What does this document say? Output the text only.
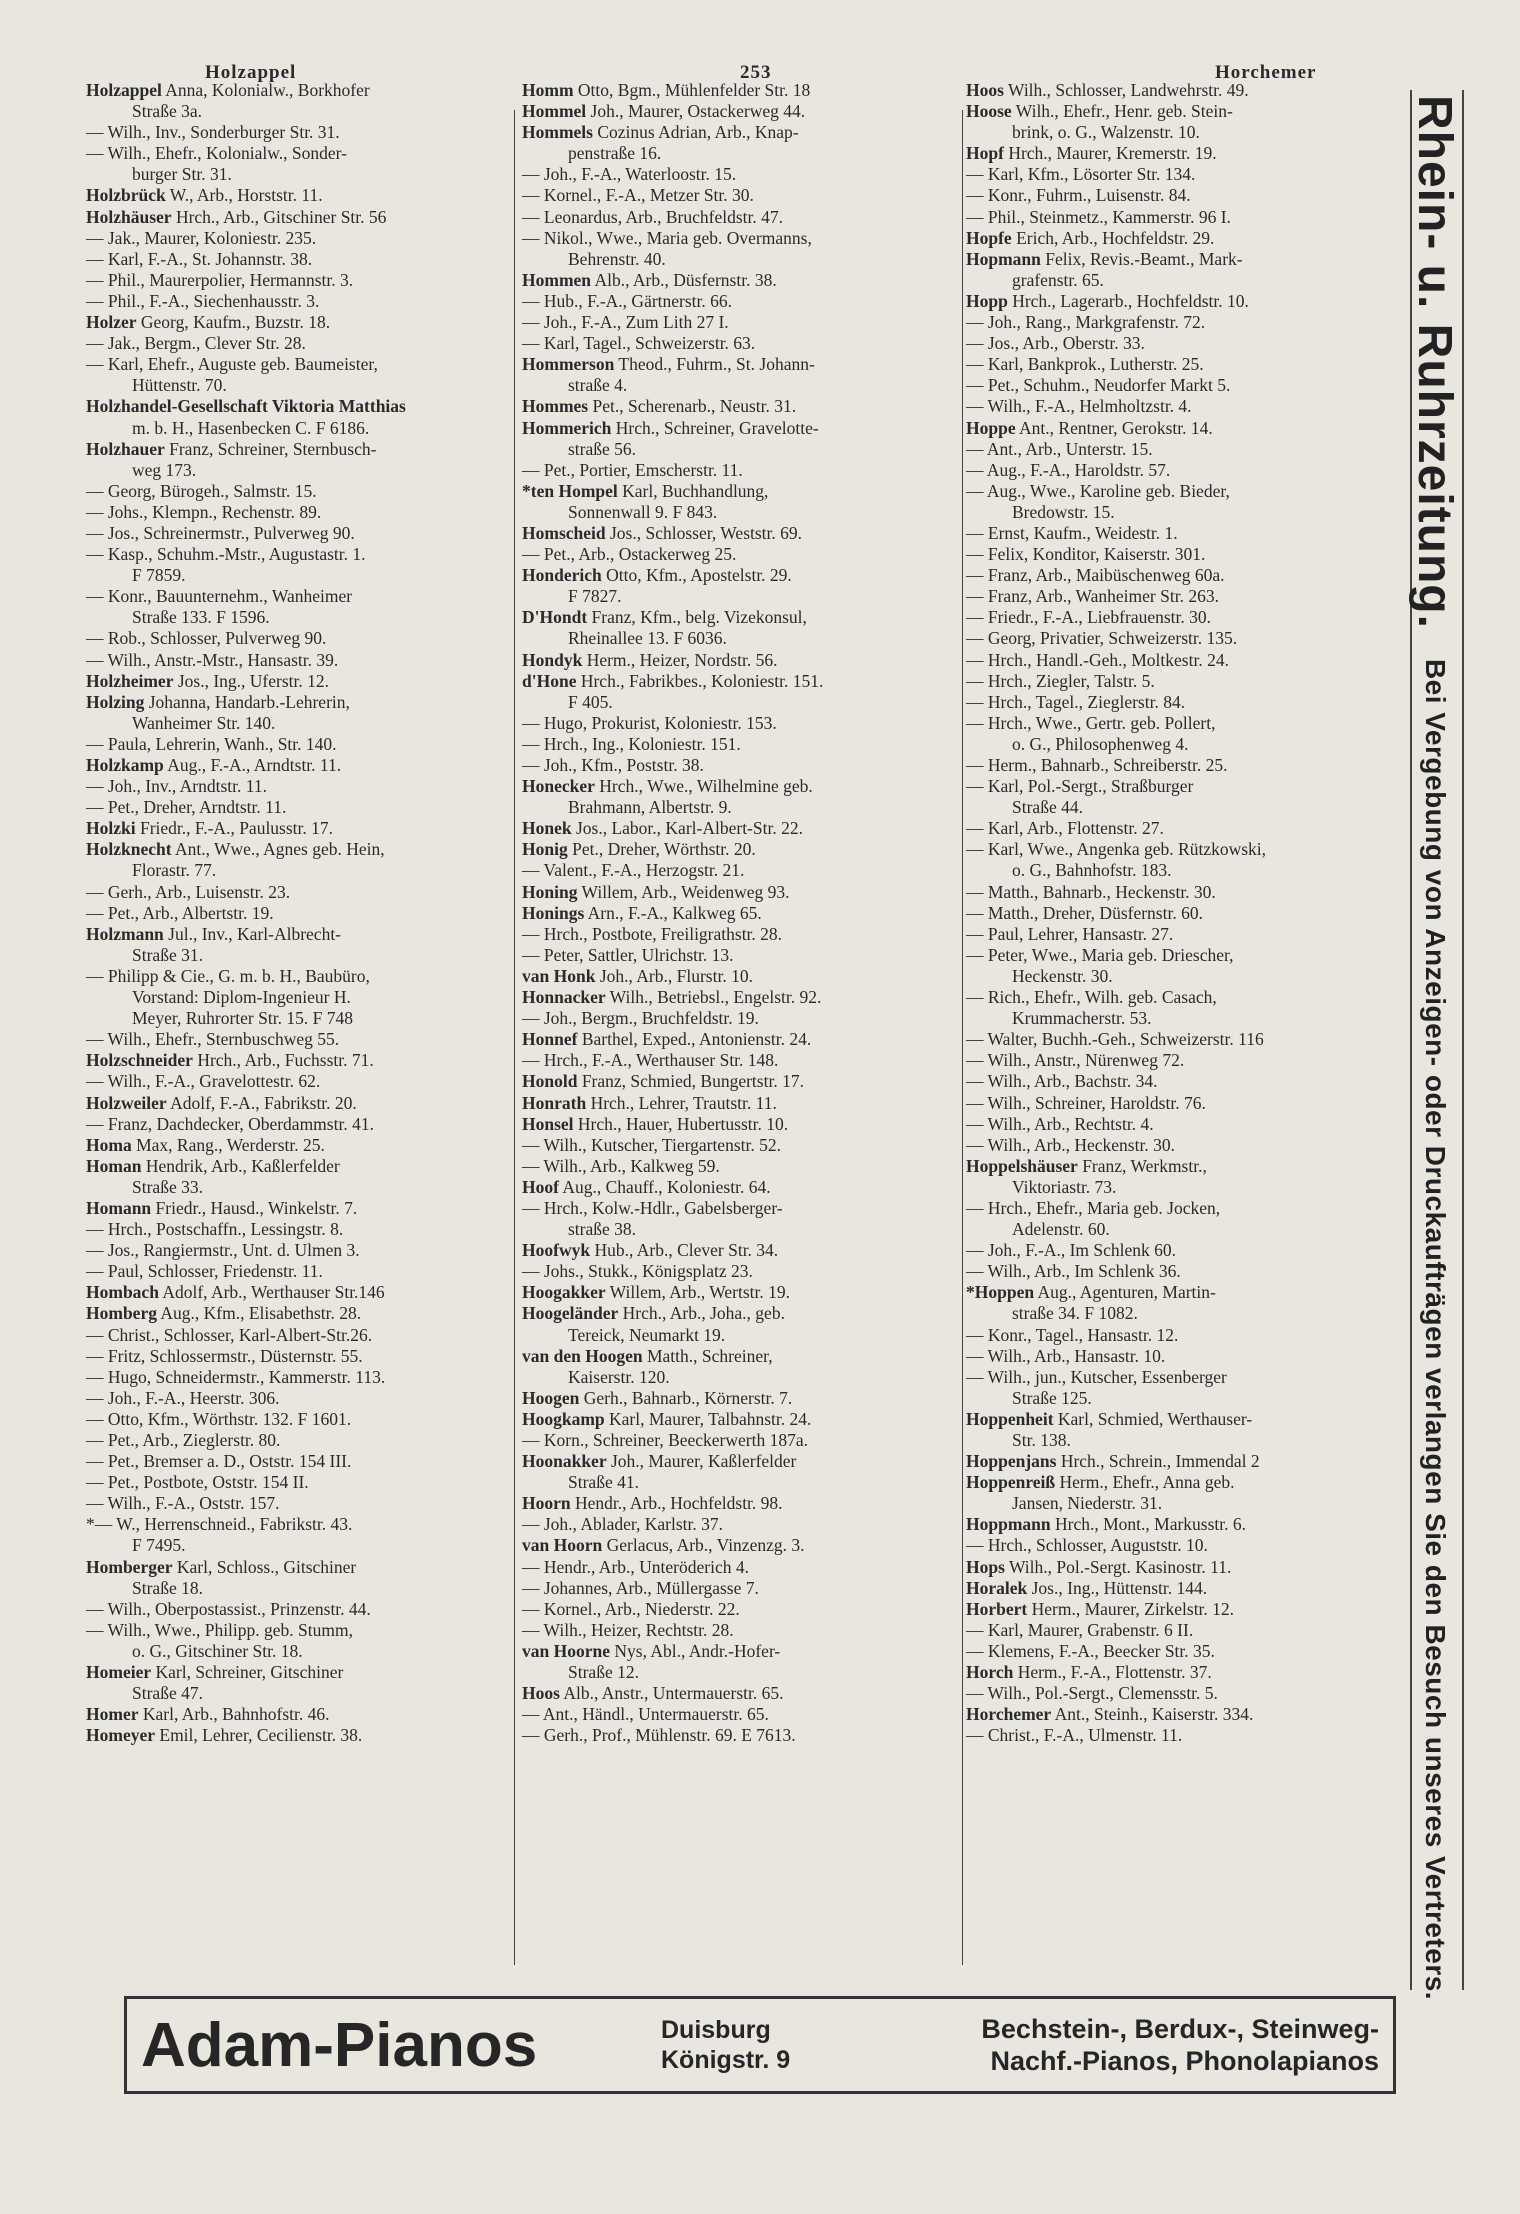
Holzappel	253	Horchemer
Holzappel Anna, Kolonialw., Borkhofer
Straße 3a.
— Wilh., Inv., Sonderburger Str. 31.
— Wilh., Ehefr., Kolonialw., Sonder-
burger Str. 31.
Holzbrück W., Arb., Horststr. 11.
Holzhäuser Hrch., Arb., Gitschiner Str. 56
— Jak., Maurer, Koloniestr. 235.
— Karl, F.-A., St. Johannstr. 38.
— Phil., Maurerpolier, Hermannstr. 3.
— Phil., F.-A., Siechenhausstr. 3.
Holzer Georg, Kaufm., Buzstr. 18.
— Jak., Bergm., Clever Str. 28.
— Karl, Ehefr., Auguste geb. Baumeister,
Hüttenstr. 70.
Holzhandel-Gesellschaft Viktoria Matthias
m. b. H., Hasenbecken C. F 6186.
Holzhauer Franz, Schreiner, Sternbusch-
weg 173.
— Georg, Bürogeh., Salmstr. 15.
— Johs., Klempn., Rechenstr. 89.
— Jos., Schreinermstr., Pulverweg 90.
— Kasp., Schuhm.-Mstr., Augustastr. 1.
F 7859.
— Konr., Bauunternehm., Wanheimer
Straße 133. F 1596.
— Rob., Schlosser, Pulverweg 90.
— Wilh., Anstr.-Mstr., Hansastr. 39.
Holzheimer Jos., Ing., Uferstr. 12.
Holzing Johanna, Handarb.-Lehrerin,
Wanheimer Str. 140.
— Paula, Lehrerin, Wanh., Str. 140.
Holzkamp Aug., F.-A., Arndtstr. 11.
— Joh., Inv., Arndtstr. 11.
— Pet., Dreher, Arndtstr. 11.
Holzki Friedr., F.-A., Paulusstr. 17.
Holzknecht Ant., Wwe., Agnes geb. Hein,
Florastr. 77.
— Gerh., Arb., Luisenstr. 23.
— Pet., Arb., Albertstr. 19.
Holzmann Jul., Inv., Karl-Albrecht-
Straße 31.
— Philipp & Cie., G. m. b. H., Baubüro,
Vorstand: Diplom-Ingenieur H.
Meyer, Ruhrorter Str. 15. F 748
— Wilh., Ehefr., Sternbuschweg 55.
Holzschneider Hrch., Arb., Fuchsstr. 71.
— Wilh., F.-A., Gravelottestr. 62.
Holzweiler Adolf, F.-A., Fabrikstr. 20.
— Franz, Dachdecker, Oberdammstr. 41.
Homa Max, Rang., Werderstr. 25.
Homan Hendrik, Arb., Kaßlerfelder
Straße 33.
Homann Friedr., Hausd., Winkelstr. 7.
— Hrch., Postschaffn., Lessingstr. 8.
— Jos., Rangiermstr., Unt. d. Ulmen 3.
— Paul, Schlosser, Friedenstr. 11.
Hombach Adolf, Arb., Werthauser Str.146
Homberg Aug., Kfm., Elisabethstr. 28.
— Christ., Schlosser, Karl-Albert-Str.26.
— Fritz, Schlossermstr., Düsternstr. 55.
— Hugo, Schneidermstr., Kammerstr. 113.
— Joh., F.-A., Heerstr. 306.
— Otto, Kfm., Wörthstr. 132. F 1601.
— Pet., Arb., Zieglerstr. 80.
— Pet., Bremser a. D., Oststr. 154 III.
— Pet., Postbote, Oststr. 154 II.
— Wilh., F.-A., Oststr. 157.
*— W., Herrenschneid., Fabrikstr. 43.
F 7495.
Homberger Karl, Schloss., Gitschiner
Straße 18.
— Wilh., Oberpostassist., Prinzenstr. 44.
— Wilh., Wwe., Philipp. geb. Stumm,
o. G., Gitschiner Str. 18.
Homeier Karl, Schreiner, Gitschiner
Straße 47.
Homer Karl, Arb., Bahnhofstr. 46.
Homeyer Emil, Lehrer, Cecilienstr. 38.
Homm Otto, Bgm., Mühlenfelder Str. 18
Hommel Joh., Maurer, Ostackerweg 44.
Hommels Cozinus Adrian, Arb., Knap-
penstraße 16.
— Joh., F.-A., Waterloostr. 15.
— Kornel., F.-A., Metzer Str. 30.
— Leonardus, Arb., Bruchfeldstr. 47.
— Nikol., Wwe., Maria geb. Overmanns,
Behrenstr. 40.
Hommen Alb., Arb., Düsfernstr. 38.
— Hub., F.-A., Gärtnerstr. 66.
— Joh., F.-A., Zum Lith 27 I.
— Karl, Tagel., Schweizerstr. 63.
Hommerson Theod., Fuhrm., St. Johann-
straße 4.
Hommes Pet., Scherenarb., Neustr. 31.
Hommerich Hrch., Schreiner, Gravelotte-
straße 56.
— Pet., Portier, Emscherstr. 11.
*ten Hompel Karl, Buchhandlung,
Sonnenwall 9. F 843.
Homscheid Jos., Schlosser, Weststr. 69.
— Pet., Arb., Ostackerweg 25.
Honderich Otto, Kfm., Apostelstr. 29.
F 7827.
D'Hondt Franz, Kfm., belg. Vizekonsul,
Rheinallee 13. F 6036.
Hondyk Herm., Heizer, Nordstr. 56.
d'Hone Hrch., Fabrikbes., Koloniestr. 151.
F 405.
— Hugo, Prokurist, Koloniestr. 153.
— Hrch., Ing., Koloniestr. 151.
— Joh., Kfm., Poststr. 38.
Honecker Hrch., Wwe., Wilhelmine geb.
Brahmann, Albertstr. 9.
Honek Jos., Labor., Karl-Albert-Str. 22.
Honig Pet., Dreher, Wörthstr. 20.
— Valent., F.-A., Herzogstr. 21.
Honing Willem, Arb., Weidenweg 93.
Honings Arn., F.-A., Kalkweg 65.
— Hrch., Postbote, Freiligrathstr. 28.
— Peter, Sattler, Ulrichstr. 13.
van Honk Joh., Arb., Flurstr. 10.
Honnacker Wilh., Betriebsl., Engelstr. 92.
— Joh., Bergm., Bruchfeldstr. 19.
Honnef Barthel, Exped., Antonienstr. 24.
— Hrch., F.-A., Werthauser Str. 148.
Honold Franz, Schmied, Bungertstr. 17.
Honrath Hrch., Lehrer, Trautstr. 11.
Honsel Hrch., Hauer, Hubertusstr. 10.
— Wilh., Kutscher, Tiergartenstr. 52.
— Wilh., Arb., Kalkweg 59.
Hoof Aug., Chauff., Koloniestr. 64.
— Hrch., Kolw.-Hdlr., Gabelsberger-
straße 38.
Hoofwyk Hub., Arb., Clever Str. 34.
— Johs., Stukk., Königsplatz 23.
Hoogakker Willem, Arb., Wertstr. 19.
Hoogeländer Hrch., Arb., Joha., geb.
Tereick, Neumarkt 19.
van den Hoogen Matth., Schreiner,
Kaiserstr. 120.
Hoogen Gerh., Bahnarb., Körnerstr. 7.
Hoogkamp Karl, Maurer, Talbahnstr. 24.
— Korn., Schreiner, Beeckerwerth 187a.
Hoonakker Joh., Maurer, Kaßlerfelder
Straße 41.
Hoorn Hendr., Arb., Hochfeldstr. 98.
— Joh., Ablader, Karlstr. 37.
van Hoorn Gerlacus, Arb., Vinzenzg. 3.
— Hendr., Arb., Unteröderich 4.
— Johannes, Arb., Müllergasse 7.
— Kornel., Arb., Niederstr. 22.
— Wilh., Heizer, Rechtstr. 28.
van Hoorne Nys, Abl., Andr.-Hofer-
Straße 12.
Hoos Alb., Anstr., Untermauerstr. 65.
— Ant., Händl., Untermauerstr. 65.
— Gerh., Prof., Mühlenstr. 69. E 7613.
Hoos Wilh., Schlosser, Landwehrstr. 49.
Hoose Wilh., Ehefr., Henr. geb. Stein-
brink, o. G., Walzenstr. 10.
Hopf Hrch., Maurer, Kremerstr. 19.
— Karl, Kfm., Lösorter Str. 134.
— Konr., Fuhrm., Luisenstr. 84.
— Phil., Steinmetz., Kammerstr. 96 I.
Hopfe Erich, Arb., Hochfeldstr. 29.
Hopmann Felix, Revis.-Beamt., Mark-
grafenstr. 65.
Hopp Hrch., Lagerarb., Hochfeldstr. 10.
— Joh., Rang., Markgrafenstr. 72.
— Jos., Arb., Oberstr. 33.
— Karl, Bankprok., Lutherstr. 25.
— Pet., Schuhm., Neudorfer Markt 5.
— Wilh., F.-A., Helmholtzstr. 4.
Hoppe Ant., Rentner, Gerokstr. 14.
— Ant., Arb., Unterstr. 15.
— Aug., F.-A., Haroldstr. 57.
— Aug., Wwe., Karoline geb. Bieder,
Bredowstr. 15.
— Ernst, Kaufm., Weidestr. 1.
— Felix, Konditor, Kaiserstr. 301.
— Franz, Arb., Maibüschenweg 60a.
— Franz, Arb., Wanheimer Str. 263.
— Friedr., F.-A., Liebfrauenstr. 30.
— Georg, Privatier, Schweizerstr. 135.
— Hrch., Handl.-Geh., Moltkestr. 24.
— Hrch., Ziegler, Talstr. 5.
— Hrch., Tagel., Zieglerstr. 84.
— Hrch., Wwe., Gertr. geb. Pollert,
o. G., Philosophenweg 4.
— Herm., Bahnarb., Schreiberstr. 25.
— Karl, Pol.-Sergt., Straßburger
Straße 44.
— Karl, Arb., Flottenstr. 27.
— Karl, Wwe., Angenka geb. Rützkowski,
o. G., Bahnhofstr. 183.
— Matth., Bahnarb., Heckenstr. 30.
— Matth., Dreher, Düsfernstr. 60.
— Paul, Lehrer, Hansastr. 27.
— Peter, Wwe., Maria geb. Driescher,
Heckenstr. 30.
— Rich., Ehefr., Wilh. geb. Casach,
Krummacherstr. 53.
— Walter, Buchh.-Geh., Schweizerstr. 116
— Wilh., Anstr., Nürenweg 72.
— Wilh., Arb., Bachstr. 34.
— Wilh., Schreiner, Haroldstr. 76.
— Wilh., Arb., Rechtstr. 4.
— Wilh., Arb., Heckenstr. 30.
Hoppelshäuser Franz, Werkmstr.,
Viktoriastr. 73.
— Hrch., Ehefr., Maria geb. Jocken,
Adelenstr. 60.
— Joh., F.-A., Im Schlenk 60.
— Wilh., Arb., Im Schlenk 36.
*Hoppen Aug., Agenturen, Martin-
straße 34. F 1082.
— Konr., Tagel., Hansastr. 12.
— Wilh., Arb., Hansastr. 10.
— Wilh., jun., Kutscher, Essenberger
Straße 125.
Hoppenheit Karl, Schmied, Werthauser-
Str. 138.
Hoppenjans Hrch., Schrein., Immendal 2
Hoppenreiß Herm., Ehefr., Anna geb.
Jansen, Niederstr. 31.
Hoppmann Hrch., Mont., Markusstr. 6.
— Hrch., Schlosser, Auguststr. 10.
Hops Wilh., Pol.-Sergt. Kasinostr. 11.
Horalek Jos., Ing., Hüttenstr. 144.
Horbert Herm., Maurer, Zirkelstr. 12.
— Karl, Maurer, Grabenstr. 6 II.
— Klemens, F.-A., Beecker Str. 35.
Horch Herm., F.-A., Flottenstr. 37.
— Wilh., Pol.-Sergt., Clemensstr. 5.
Horchemer Ant., Steinh., Kaiserstr. 334.
— Christ., F.-A., Ulmenstr. 11.
Rhein- u. Ruhrzeitung.
Bei Vergebung von Anzeigen- oder Druckaufträgen verlangen Sie den Besuch unseres Vertreters.
Adam-Pianos	Duisburg
Königstr. 9
Bechstein-, Berdux-, Steinweg-
Nachf.-Pianos, Phonolapianos
